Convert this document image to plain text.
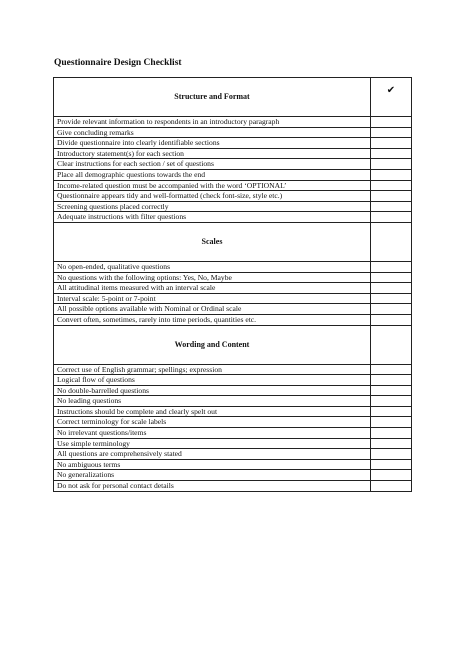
Questionnaire Design Checklist
Structure and Format	✔
Provide relevant information to respondents in an introductory paragraph	
Give concluding remarks	
Divide questionnaire into clearly identifiable sections	
Introductory statement(s) for each section	
Clear instructions for each section / set of questions	
Place all demographic questions towards the end	
Income-related question must be accompanied with the word ‘OPTIONAL’	
Questionnaire appears tidy and well-formatted (check font-size, style etc.)	
Screening questions placed correctly	
Adequate instructions with filter questions	
Scales	
No open-ended, qualitative questions	
No questions with the following options: Yes, No, Maybe	
All attitudinal items measured with an interval scale	
Interval scale: 5-point or 7-point	
All possible options available with Nominal or Ordinal scale	
Convert often, sometimes, rarely into time periods, quantities etc.	
Wording and Content	
Correct use of English grammar; spellings; expression	
Logical flow of questions	
No double-barrelled questions	
No leading questions	
Instructions should be complete and clearly spelt out	
Correct terminology for scale labels	
No irrelevant questions/items	
Use simple terminology	
All questions are comprehensively stated	
No ambiguous terms	
No generalizations	
Do not ask for personal contact details	
